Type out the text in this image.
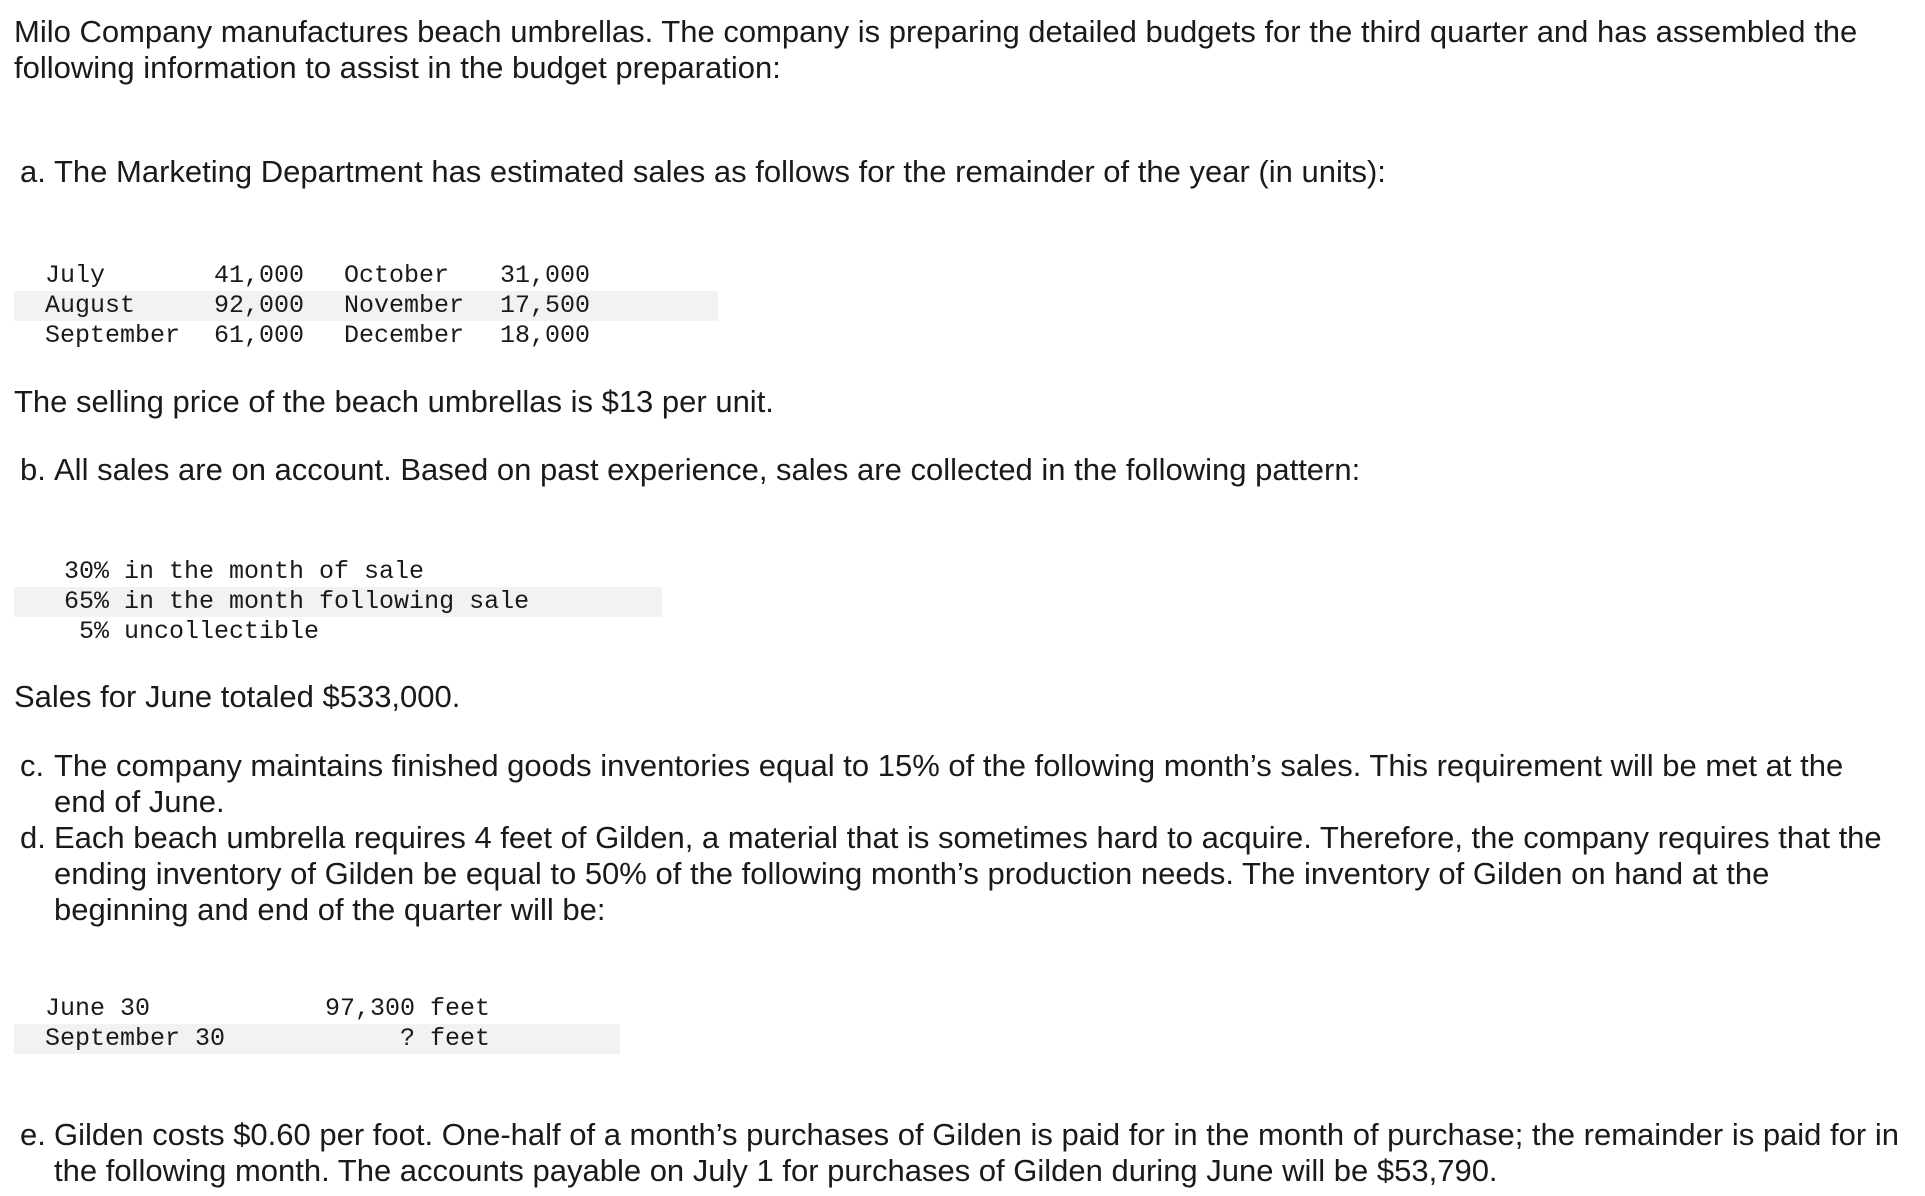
Milo Company manufactures beach umbrellas. The company is preparing detailed budgets for the third quarter and has assembled the following information to assist in the budget preparation:
a. The Marketing Department has estimated sales as follows for the remainder of the year (in units):
July	41,000		October	31,000
August	92,000		November	17,500
September	61,000		December	18,000
The selling price of the beach umbrellas is $13 per unit.
b. All sales are on account. Based on past experience, sales are collected in the following pattern:
30%	in the month of sale
65%	in the month following sale
5%	uncollectible
Sales for June totaled $533,000.
c. The company maintains finished goods inventories equal to 15% of the following month’s sales. This requirement will be met at the end of June.
d. Each beach umbrella requires 4 feet of Gilden, a material that is sometimes hard to acquire. Therefore, the company requires that the ending inventory of Gilden be equal to 50% of the following month’s production needs. The inventory of Gilden on hand at the beginning and end of the quarter will be:
June 30	97,300	feet
September 30	?	feet
e. Gilden costs $0.60 per foot. One-half of a month’s purchases of Gilden is paid for in the month of purchase; the remainder is paid for in the following month. The accounts payable on July 1 for purchases of Gilden during June will be $53,790.
